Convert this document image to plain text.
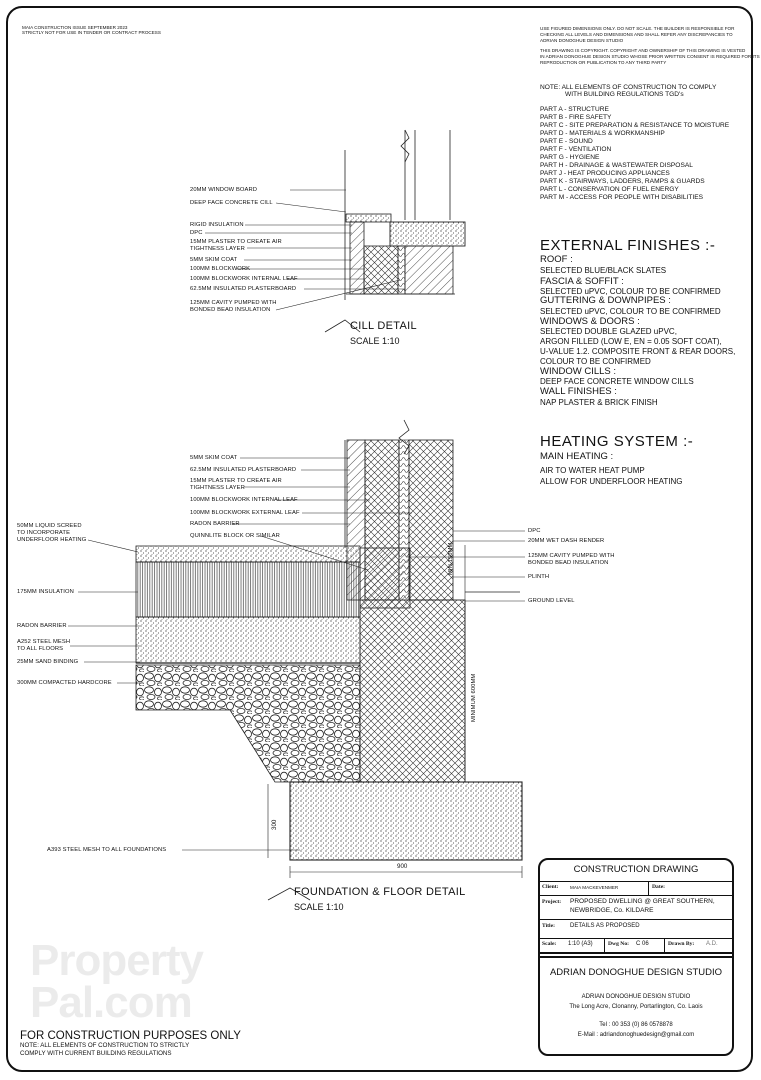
MAIA CONSTRUCTION ISSUE SEPTEMBER 2023
STRICTLY NOT FOR USE IN TENDER OR CONTRACT PROCESS
USE FIGURED DIMENSIONS ONLY. DO NOT SCALE. THE BUILDER IS RESPONSIBLE FOR
CHECKING ALL LEVELS AND DIMENSIONS AND SHALL REFER ANY DISCREPANCIES TO
ADRIAN DONOGHUE DESIGN STUDIO
THIS DRAWING IS COPYRIGHT. COPYRIGHT AND OWNERSHIP OF THIS DRAWING IS VESTED
IN ADRIAN DONOGHUE DESIGN STUDIO WHOSE PRIOR WRITTEN CONSENT IS REQUIRED FOR ITS
REPRODUCTION OR PUBLICATION TO ANY THIRD PARTY
NOTE: ALL ELEMENTS OF CONSTRUCTION TO COMPLY
WITH BUILDING REGULATIONS TGD's
PART A - STRUCTURE
PART B - FIRE SAFETY
PART C - SITE PREPARATION & RESISTANCE TO MOISTURE
PART D - MATERIALS & WORKMANSHIP
PART E - SOUND
PART F - VENTILATION
PART G - HYGIENE
PART H - DRAINAGE & WASTEWATER DISPOSAL
PART J - HEAT PRODUCING APPLIANCES
PART K - STAIRWAYS, LADDERS, RAMPS & GUARDS
PART L - CONSERVATION OF FUEL ENERGY
PART M - ACCESS FOR PEOPLE WITH DISABILITIES
EXTERNAL FINISHES :-
ROOF :
SELECTED BLUE/BLACK SLATES
FASCIA & SOFFIT :
SELECTED uPVC, COLOUR TO BE CONFIRMED
GUTTERING & DOWNPIPES :
SELECTED uPVC, COLOUR TO BE CONFIRMED
WINDOWS & DOORS :
SELECTED DOUBLE GLAZED uPVC,
ARGON FILLED (LOW E, EN = 0.05 SOFT COAT),
U-VALUE 1.2. COMPOSITE FRONT & REAR DOORS,
COLOUR TO BE CONFIRMED
WINDOW CILLS :
DEEP FACE CONCRETE WINDOW CILLS
WALL FINISHES :
NAP PLASTER & BRICK FINISH
HEATING SYSTEM :-
MAIN HEATING :
AIR TO WATER HEAT PUMP
ALLOW FOR UNDERFLOOR HEATING
20MM WINDOW BOARD
DEEP FACE CONCRETE CILL
RIGID INSULATION
DPC
15MM PLASTER TO CREATE AIR
TIGHTNESS LAYER
5MM SKIM COAT
100MM BLOCKWORK
100MM BLOCKWORK INTERNAL LEAF
62.5MM INSULATED PLASTERBOARD
125MM CAVITY PUMPED WITH
BONDED BEAD INSULATION
CILL DETAIL
SCALE 1:10
5MM SKIM COAT
62.5MM INSULATED PLASTERBOARD
15MM PLASTER TO CREATE AIR
TIGHTNESS LAYER
100MM BLOCKWORK INTERNAL LEAF
100MM BLOCKWORK EXTERNAL LEAF
RADON BARRIER
QUINNLITE BLOCK OR SIMILAR
50MM LIQUID SCREED
TO INCORPORATE
UNDERFLOOR HEATING
175MM INSULATION
RADON BARRIER
A252 STEEL MESH
TO ALL FLOORS
25MM SAND BINDING
300MM COMPACTED HARDCORE
A393 STEEL MESH TO ALL FOUNDATIONS
DPC
20MM WET DASH RENDER
125MM CAVITY PUMPED WITH
BONDED BEAD INSULATION
PLINTH
GROUND LEVEL
MIN 150MM
MINIMUM 600MM
300
900
FOUNDATION & FLOOR DETAIL
SCALE 1:10
Property
Pal.com
FOR CONSTRUCTION PURPOSES ONLY
NOTE: ALL ELEMENTS OF CONSTRUCTION TO STRICTLY
COMPLY WITH CURRENT BUILDING REGULATIONS
CONSTRUCTION DRAWING
Client:	MAIA MACKEVENMER	Date:
Project: PROPOSED DWELLING @ GREAT SOUTHERN,
NEWBRIDGE, Co. KILDARE
Title:	DETAILS AS PROPOSED
Scale: 1:10 (A3)	Dwg No: C 06	Drawn By: A.D.
ADRIAN DONOGHUE DESIGN STUDIO
ADRIAN DONOGHUE DESIGN STUDIO
The Long Acre, Clonanny, Portarlington, Co. Laois
Tel : 00 353 (0) 86 0578878
E-Mail : adriandonoghuedesign@gmail.com
